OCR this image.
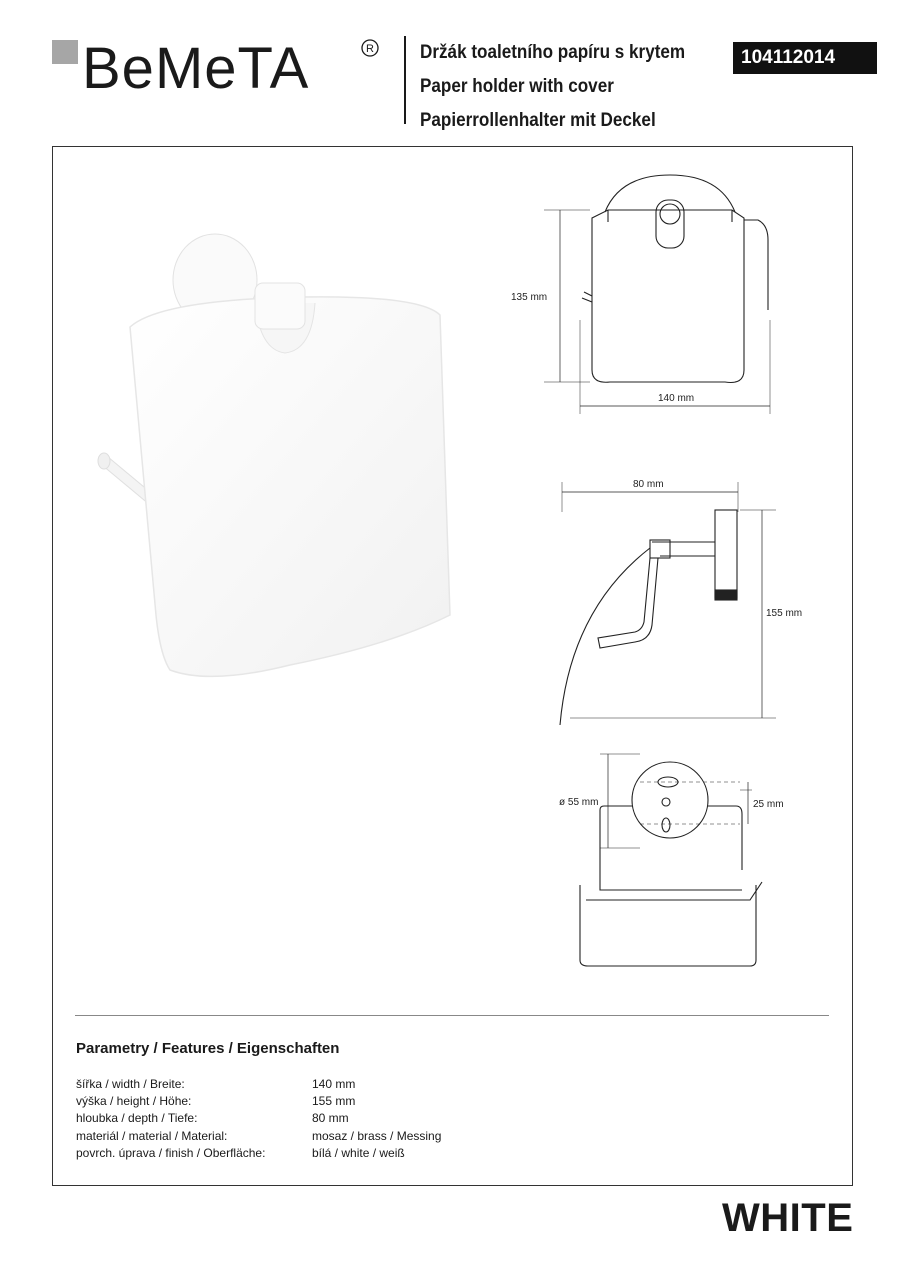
BeMeTA	R Držák toaletního papíru s krytem
Paper holder with cover
Papierrollenhalter mit Deckel
104112014
135 mm
140 mm
80 mm
155 mm
ø 55 mm	25 mm
Parametry / Features / Eigenschaften
šířka / width / Breite:	140 mm
výška / height / Höhe:	155 mm
hloubka / depth / Tiefe:	80 mm
materiál / material / Material:	mosaz / brass / Messing
povrch. úprava / finish / Oberfläche:	bílá / white / weiß
WHITE
